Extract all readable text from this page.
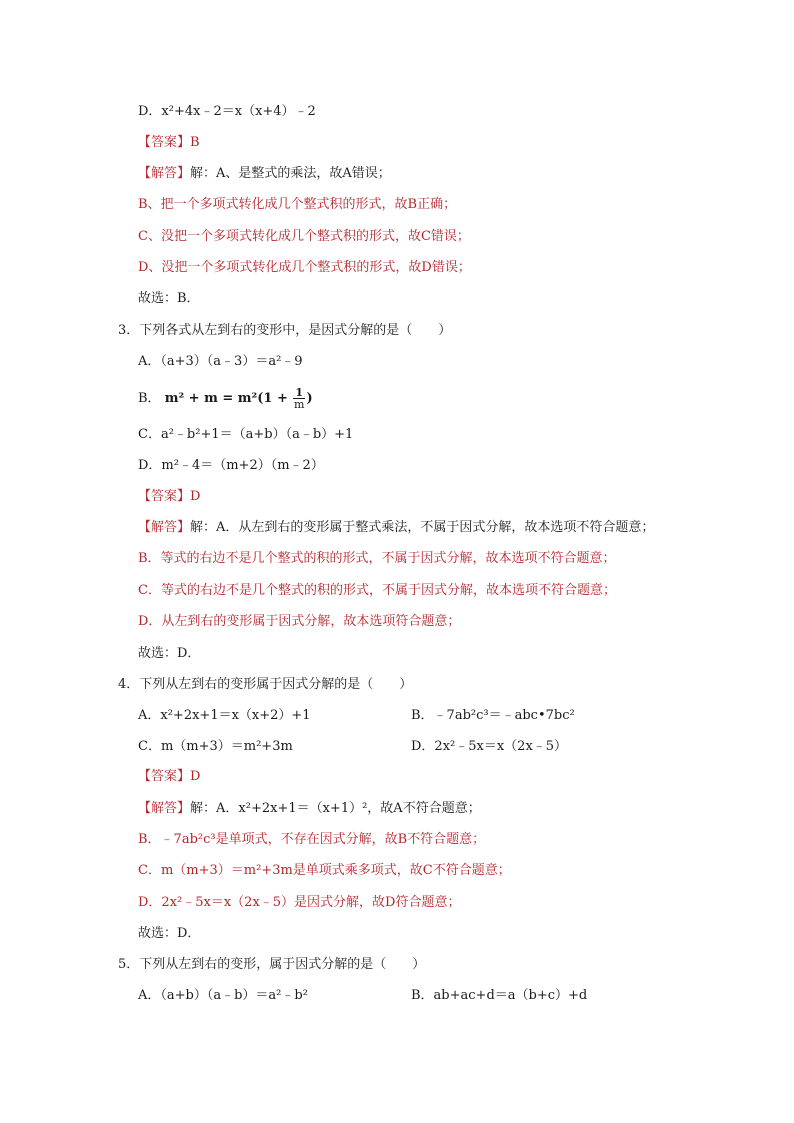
D．x²+4x﹣2＝x（x+4）﹣2
【答案】B
【解答】解：A、是整式的乘法，故A错误；
B、把一个多项式转化成几个整式积的形式，故B正确；
C、没把一个多项式转化成几个整式积的形式，故C错误；
D、没把一个多项式转化成几个整式积的形式，故D错误；
故选：B．
3．下列各式从左到右的变形中，是因式分解的是（　　）
A．（a+3）（a﹣3）＝a²﹣9
B． $m^2 + m = m^2(1 + \frac{1}{m}$ )
C．a²﹣b²+1＝（a+b）（a﹣b）+1
D．m²﹣4＝（m+2）（m﹣2）
【答案】D
【解答】解：A．从左到右的变形属于整式乘法，不属于因式分解，故本选项不符合题意；
B．等式的右边不是几个整式的积的形式，不属于因式分解，故本选项不符合题意；
C．等式的右边不是几个整式的积的形式，不属于因式分解，故本选项不符合题意；
D．从左到右的变形属于因式分解，故本选项符合题意；
故选：D．
4．下列从左到右的变形属于因式分解的是（　　）
A．x²+2x+1＝x（x+2）+1	B．﹣7ab²c³＝﹣abc•7bc²
C．m（m+3）＝m²+3m	D．2x²﹣5x＝x（2x﹣5）
【答案】D
【解答】解：A．x²+2x+1＝（x+1）²，故A不符合题意；
B．﹣7ab²c³是单项式，不存在因式分解，故B不符合题意；
C．m（m+3）＝m²+3m是单项式乘多项式，故C不符合题意；
D．2x²﹣5x＝x（2x﹣5）是因式分解，故D符合题意；
故选：D．
5．下列从左到右的变形，属于因式分解的是（　　）
A．（a+b）（a﹣b）＝a²﹣b²	B．ab+ac+d＝a（b+c）+d
